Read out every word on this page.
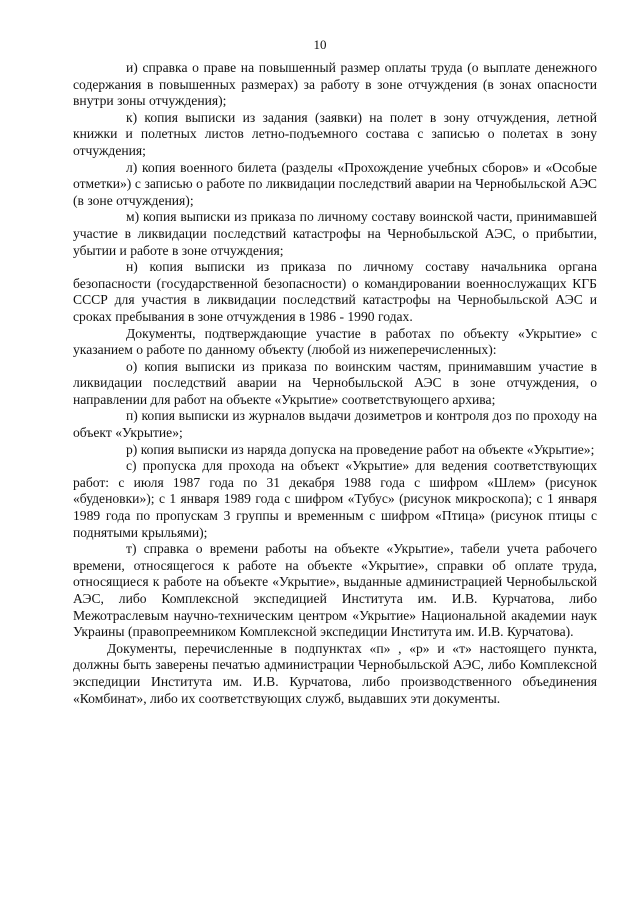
10

и) справка о праве на повышенный размер оплаты труда (о выплате денежного содержания в повышенных размерах) за работу в зоне отчуждения (в зонах опасности внутри зоны отчуждения);

к) копия выписки из задания (заявки) на полет в зону отчуждения, летной книжки и полетных листов летно-подъемного состава с записью о полетах в зону отчуждения;

л) копия военного билета (разделы «Прохождение учебных сборов» и «Особые отметки») с записью о работе по ликвидации последствий аварии на Чернобыльской АЭС (в зоне отчуждения);

м) копия выписки из приказа по личному составу воинской части, принимавшей участие в ликвидации последствий катастрофы на Чернобыльской АЭС, о прибытии, убытии и работе в зоне отчуждения;

н) копия выписки из приказа по личному составу начальника органа безопасности (государственной безопасности) о командировании военнослужащих КГБ СССР для участия в ликвидации последствий катастрофы на Чернобыльской АЭС и сроках пребывания в зоне отчуждения в 1986 - 1990 годах.

Документы, подтверждающие участие в работах по объекту «Укрытие» с указанием о работе по данному объекту (любой из нижеперечисленных):

о) копия выписки из приказа по воинским частям, принимавшим участие в ликвидации последствий аварии на Чернобыльской АЭС в зоне отчуждения, о направлении для работ на объекте «Укрытие» соответствующего архива;

п) копия выписки из журналов выдачи дозиметров и контроля доз по проходу на объект «Укрытие»;

р) копия выписки из наряда допуска на проведение работ на объекте «Укрытие»;

с) пропуска для прохода на объект «Укрытие» для ведения соответствующих работ: с июля 1987 года по 31 декабря 1988 года с шифром «Шлем» (рисунок «буденовки»); с 1 января 1989 года с шифром «Тубус» (рисунок микроскопа); с 1 января 1989 года по пропускам 3 группы и временным с шифром «Птица» (рисунок птицы с поднятыми крыльями);

т) справка о времени работы на объекте «Укрытие», табели учета рабочего времени, относящегося к работе на объекте «Укрытие», справки об оплате труда, относящиеся к работе на объекте «Укрытие», выданные администрацией Чернобыльской АЭС, либо Комплексной экспедицией Института им. И.В. Курчатова, либо Межотраслевым научно-техническим центром «Укрытие» Национальной академии наук Украины (правопреемником Комплексной экспедиции Института им. И.В. Курчатова).

Документы, перечисленные в подпунктах «п» , «р» и «т» настоящего пункта, должны быть заверены печатью администрации Чернобыльской АЭС, либо Комплексной экспедиции Института им. И.В. Курчатова, либо производственного объединения «Комбинат», либо их соответствующих служб, выдавших эти документы.
